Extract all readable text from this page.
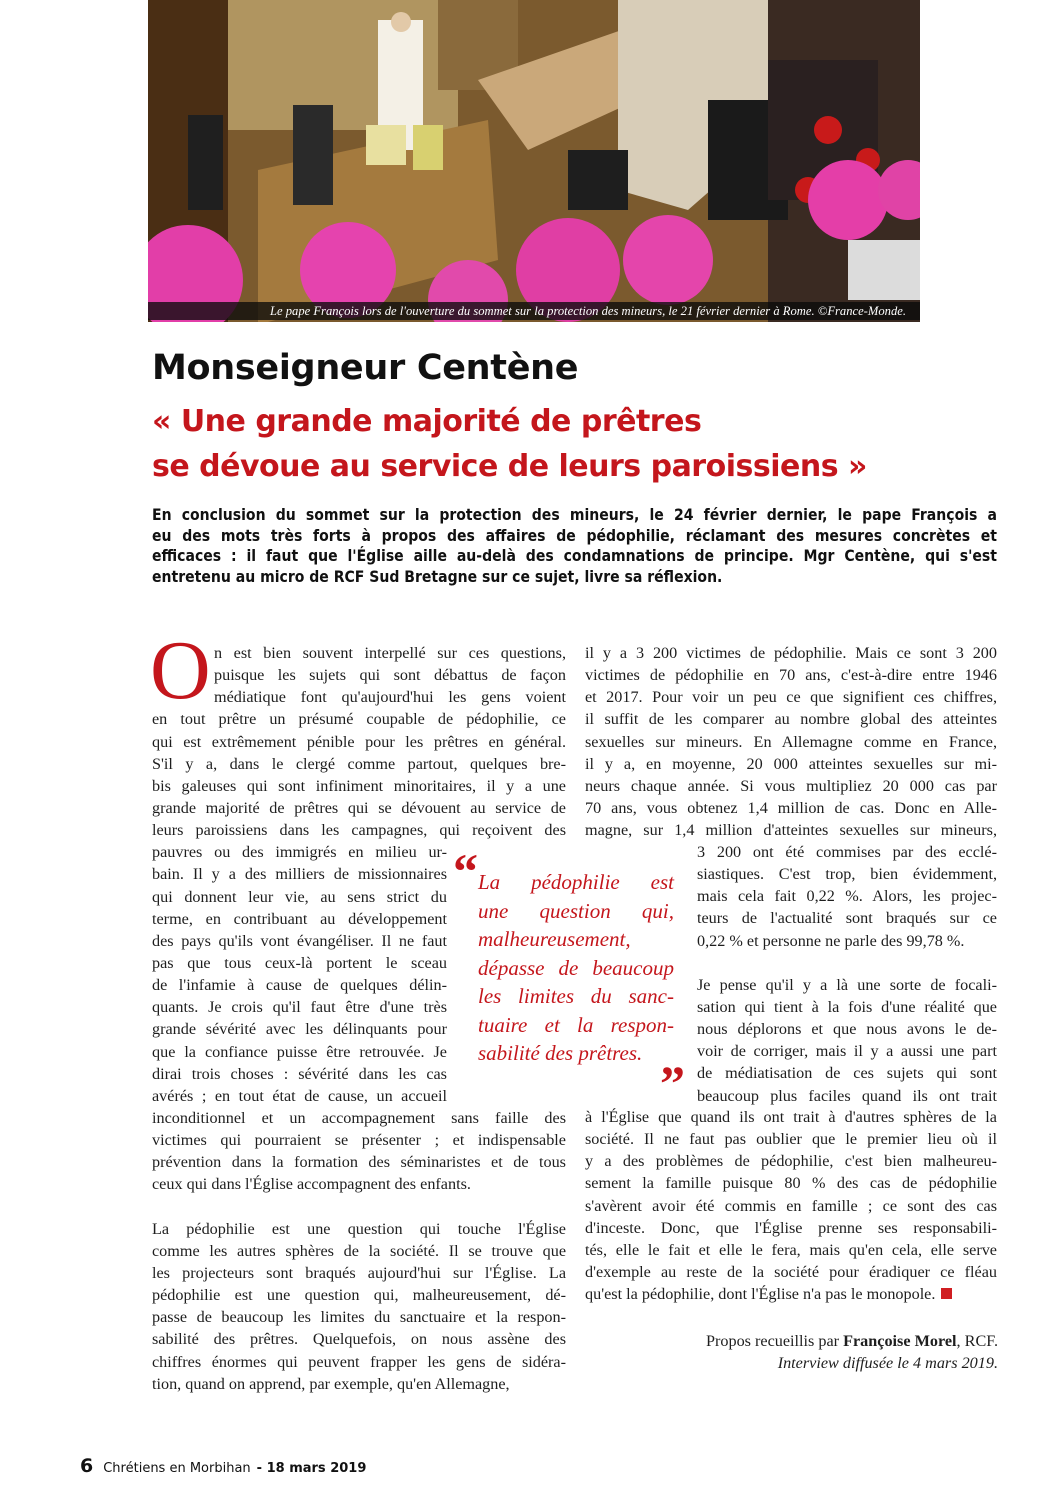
Le pape François lors de l'ouverture du sommet sur la protection des mineurs, le 21 février dernier à Rome. ©France-Monde.
Monseigneur Centène
« Une grande majorité de prêtres
se dévoue au service de leurs paroissiens »
En conclusion du sommet sur la protection des mineurs, le 24 février dernier, le pape François a
eu des mots très forts à propos des affaires de pédophilie, réclamant des mesures concrètes et
efficaces : il faut que l'Église aille au-delà des condamnations de principe. Mgr Centène, qui s'est
entretenu au micro de RCF Sud Bretagne sur ce sujet, livre sa réflexion.
O n est bien souvent interpellé sur ces questions,
puisque les sujets qui sont débattus de façon
médiatique font qu'aujourd'hui les gens voient
en tout prêtre un présumé coupable de pédophilie, ce
qui est extrêmement pénible pour les prêtres en général.
S'il y a, dans le clergé comme partout, quelques bre-
bis galeuses qui sont infiniment minoritaires, il y a une
grande majorité de prêtres qui se dévouent au service de
leurs paroissiens dans les campagnes, qui reçoivent des
pauvres ou des immigrés en milieu ur-
bain. Il y a des milliers de missionnaires
qui donnent leur vie, au sens strict du
terme, en contribuant au développement
des pays qu'ils vont évangéliser. Il ne faut
pas que tous ceux-là portent le sceau
de l'infamie à cause de quelques délin-
quants. Je crois qu'il faut être d'une très
grande sévérité avec les délinquants pour
que la confiance puisse être retrouvée. Je
dirai trois choses : sévérité dans les cas
avérés ; en tout état de cause, un accueil
inconditionnel et un accompagnement sans faille des
victimes qui pourraient se présenter ; et indispensable
prévention dans la formation des séminaristes et de tous
ceux qui dans l'Église accompagnent des enfants.
La pédophilie est une question qui touche l'Église
comme les autres sphères de la société. Il se trouve que
les projecteurs sont braqués aujourd'hui sur l'Église. La
pédophilie est une question qui, malheureusement, dé-
passe de beaucoup les limites du sanctuaire et la respon-
sabilité des prêtres. Quelquefois, on nous assène des
chiffres énormes qui peuvent frapper les gens de sidéra-
tion, quand on apprend, par exemple, qu'en Allemagne,
il y a 3 200 victimes de pédophilie. Mais ce sont 3 200
victimes de pédophilie en 70 ans, c'est-à-dire entre 1946
et 2017. Pour voir un peu ce que signifient ces chiffres,
il suffit de les comparer au nombre global des atteintes
sexuelles sur mineurs. En Allemagne comme en France,
il y a, en moyenne, 20 000 atteintes sexuelles sur mi-
neurs chaque année. Si vous multipliez 20 000 cas par
70 ans, vous obtenez 1,4 million de cas. Donc en Alle-
magne, sur 1,4 million d'atteintes sexuelles sur mineurs,
3 200 ont été commises par des ecclé-
siastiques. C'est trop, bien évidemment,
mais cela fait 0,22 %. Alors, les projec-
teurs de l'actualité sont braqués sur ce
0,22 % et personne ne parle des 99,78 %.
Je pense qu'il y a là une sorte de focali-
sation qui tient à la fois d'une réalité que
nous déplorons et que nous avons le de-
voir de corriger, mais il y a aussi une part
de médiatisation de ces sujets qui sont
beaucoup plus faciles quand ils ont trait
à l'Église que quand ils ont trait à d'autres sphères de la
société. Il ne faut pas oublier que le premier lieu où il
y a des problèmes de pédophilie, c'est bien malheureu-
sement la famille puisque 80 % des cas de pédophilie
s'avèrent avoir été commis en famille ; ce sont des cas
d'inceste. Donc, que l'Église prenne ses responsabili-
tés, elle le fait et elle le fera, mais qu'en cela, elle serve
d'exemple au reste de la société pour éradiquer ce fléau
qu'est la pédophilie, dont l'Église n'a pas le monopole.
“ La pédophilie est
une question qui,
malheureusement,
dépasse de beaucoup
les limites du sanc-
tuaire et la respon-
sabilité des prêtres.
”
Propos recueillis par Françoise Morel, RCF.
Interview diffusée le 4 mars 2019.
6 Chrétiens en Morbihan - 18 mars 2019
